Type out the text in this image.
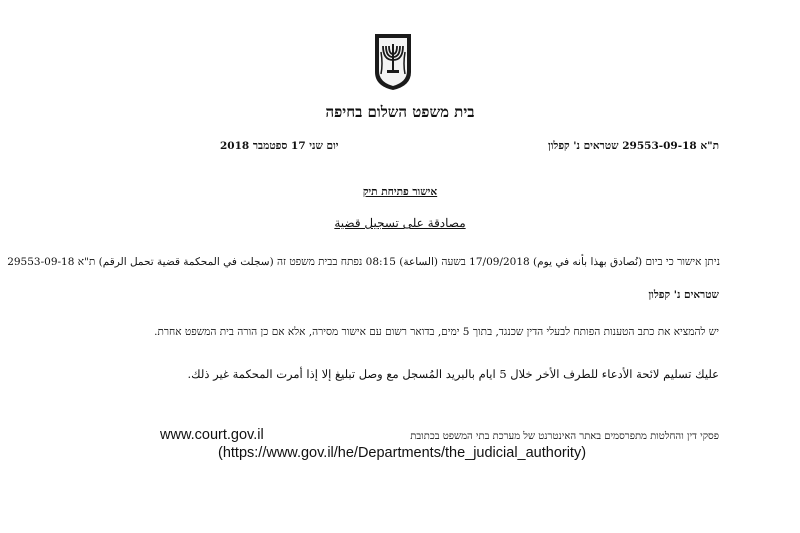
בית משפט השלום בחיפה
ת"א 29553-09-18 שטראים נ' קפלון
יום שני 17 ספטמבר 2018
אישור פתיחת תיק
مصادقة على تسجيل قضية
ניתן אישור כי ביום (نُصادق بهذا بأنه في يوم) 17/09/2018 בשעה (الساعة) 08:15 נפתח בבית משפט זה (سجلت في المحكمة قضية تحمل الرقم) ת"א 29553-09-18
שטראים נ' קפלון
יש להמציא את כתב הטענות הפותח לבעלי הדין שכנגד, בתוך 5 ימים, בדואר רשום עם אישור מסירה, אלא אם כן הורה בית המשפט אחרת.
عليك تسليم لائحة الأدعاء للطرف الأخر خلال 5 ايام بالبريد المُسجل مع وصل تبليغ إلا إذا أمرت المحكمة غير ذلك.
פסקי דין והחלטות מתפרסמים באתר האינטרנט של מערכת בתי המשפט בכתובת
www.court.gov.il
(https://www.gov.il/he/Departments/the_judicial_authority)
